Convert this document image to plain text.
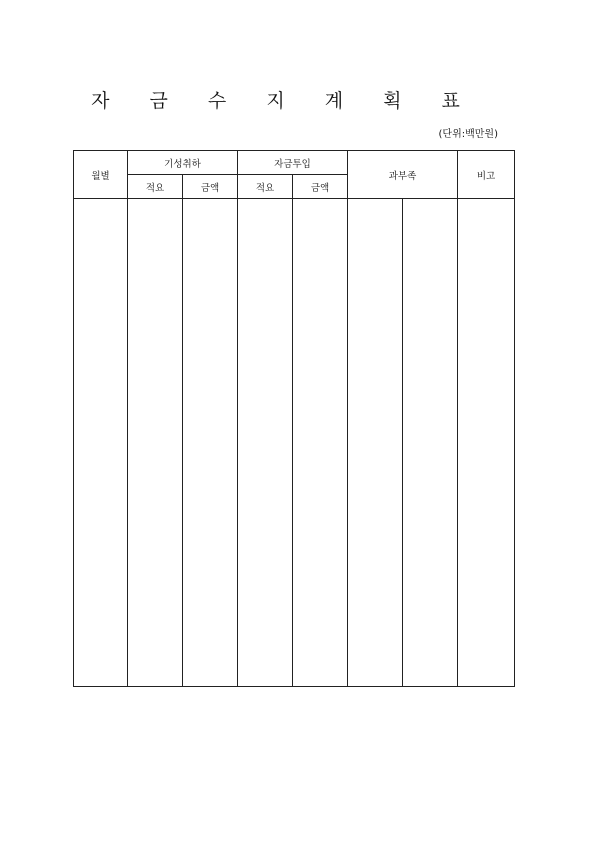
자 금 수 지 계 획 표
(단위:백만원)
월별	기성취하		자금투입		과부족		비고
	적요	금액	적요	금액			
